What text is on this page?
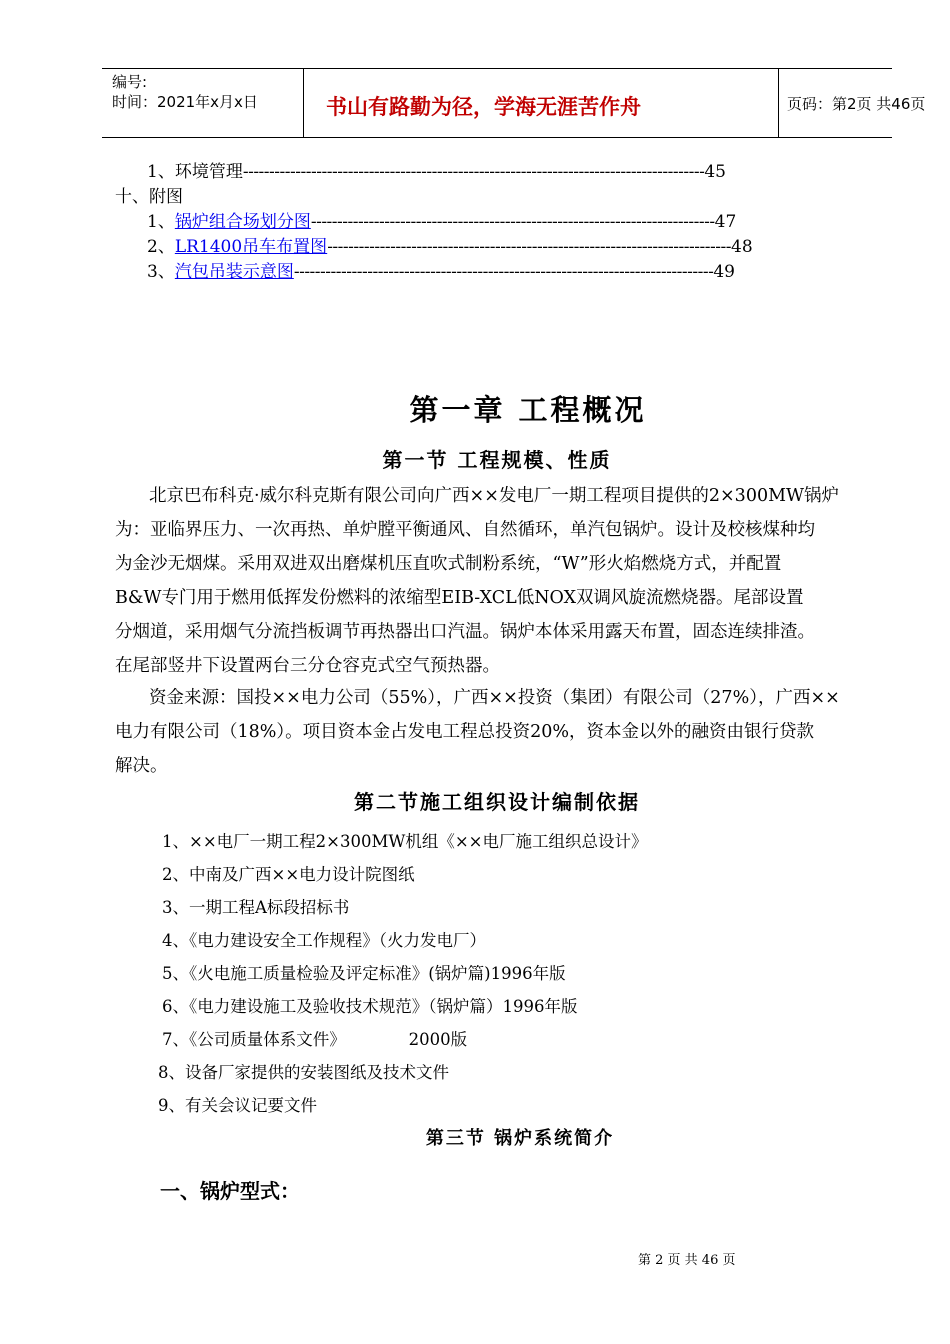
编号:
时间：2021年x月x日	书山有路勤为径，学海无涯苦作舟	页码：第2页 共46页
1、环境管理----------------------------------------------------------------------------------------45
十、附图
1、锅炉组合场划分图-----------------------------------------------------------------------------47
2、LR1400吊车布置图-----------------------------------------------------------------------------48
3、汽包吊装示意图--------------------------------------------------------------------------------49
第一章 工程概况
第一节 工程规模、性质
北京巴布科克·威尔科克斯有限公司向广西××发电厂一期工程项目提供的2×300MW锅炉
为：亚临界压力、一次再热、单炉膛平衡通风、自然循环，单汽包锅炉。设计及校核煤种均
为金沙无烟煤。采用双进双出磨煤机压直吹式制粉系统，“W”形火焰燃烧方式，并配置
B&W专门用于燃用低挥发份燃料的浓缩型EIB-XCL低NOX双调风旋流燃烧器。尾部设置
分烟道，采用烟气分流挡板调节再热器出口汽温。锅炉本体采用露天布置，固态连续排渣。
在尾部竖井下设置两台三分仓容克式空气预热器。
资金来源：国投××电力公司（55%），广西××投资（集团）有限公司（27%），广西××
电力有限公司（18%）。项目资本金占发电工程总投资20%，资本金以外的融资由银行贷款
解决。
第二节施工组织设计编制依据
1、××电厂一期工程2×300MW机组《××电厂施工组织总设计》
2、中南及广西××电力设计院图纸
3、一期工程A标段招标书
4、《电力建设安全工作规程》（火力发电厂）
5、《火电施工质量检验及评定标准》(锅炉篇)1996年版
6、《电力建设施工及验收技术规范》（锅炉篇）1996年版
7、《公司质量体系文件》            2000版
8、设备厂家提供的安装图纸及技术文件
9、有关会议记要文件
第三节 锅炉系统简介
一、锅炉型式：
第 2 页 共 46 页
